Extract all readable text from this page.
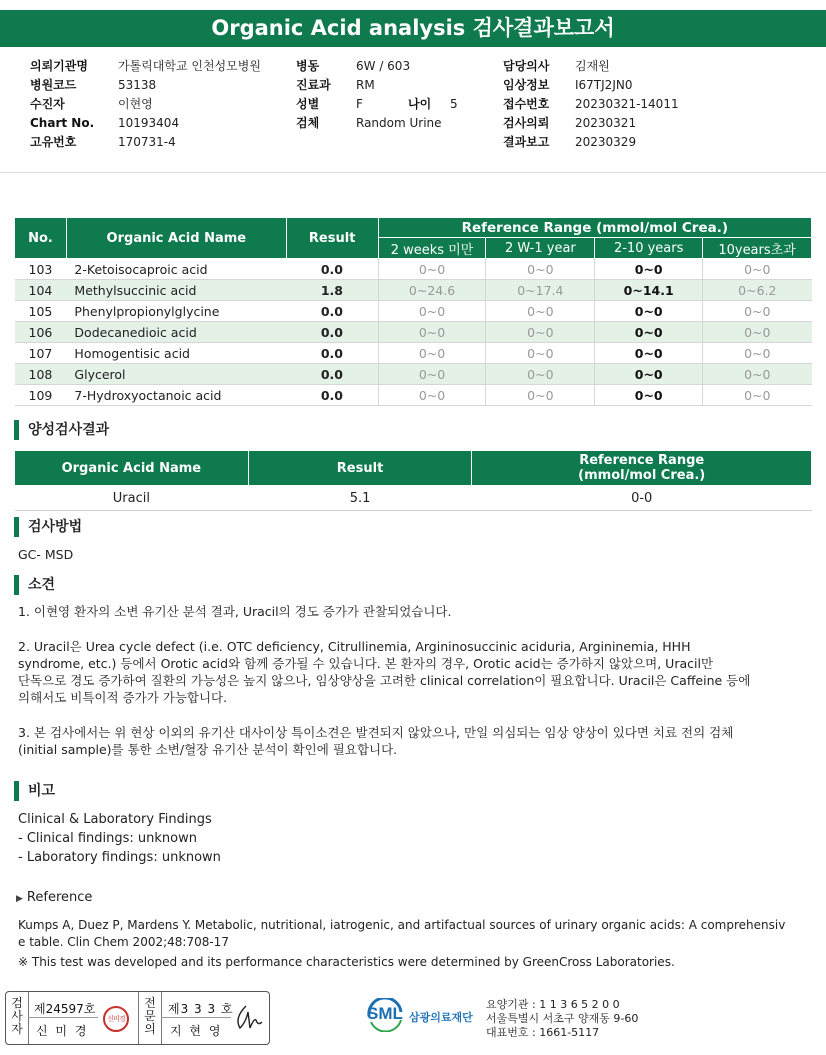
Organic Acid analysis 검사결과보고서
의뢰기관명	가톨릭대학교 인천성모병원
병원코드	53138
수진자	이현영
Chart No. 10193404
고유번호	170731-4
병동	6W / 603
진료과 RM
성별	F	나이 5
검체	Random Urine
담당의사 김재원
임상정보 I67TJ2JN0
접수번호 20230321-14011
검사의뢰 20230321
결과보고 20230329
No.	Organic Acid Name	Result	Reference Range (mmol/mol Crea.)			
			2 weeks 미만	2 W-1 year	2-10 years	10years초과
103	2-Ketoisocaproic acid	0.0	0~0	0~0	0~0	0~0
104	Methylsuccinic acid	1.8	0~24.6	0~17.4	0~14.1	0~6.2
105	Phenylpropionylglycine	0.0	0~0	0~0	0~0	0~0
106	Dodecanedioic acid	0.0	0~0	0~0	0~0	0~0
107	Homogentisic acid	0.0	0~0	0~0	0~0	0~0
108	Glycerol	0.0	0~0	0~0	0~0	0~0
109	7-Hydroxyoctanoic acid	0.0	0~0	0~0	0~0	0~0
양성검사결과
Organic Acid Name	Result	Reference Range
(mmol/mol Crea.)

Uracil	5.1	0-0
검사방법
GC- MSD
소견
1. 이현영 환자의 소변 유기산 분석 결과, Uracil의 경도 증가가 관찰되었습니다.
2. Uracil은 Urea cycle defect (i.e. OTC deficiency, Citrullinemia, Argininosuccinic aciduria, Argininemia, HHH
syndrome, etc.) 등에서 Orotic acid와 함께 증가될 수 있습니다. 본 환자의 경우, Orotic acid는 증가하지 않았으며, Uracil만
단독으로 경도 증가하여 질환의 가능성은 높지 않으나, 임상양상을 고려한 clinical correlation이 필요합니다. Uracil은 Caffeine 등에
의해서도 비특이적 증가가 가능합니다.
3. 본 검사에서는 위 현상 이외의 유기산 대사이상 특이소견은 발견되지 않았으나, 만일 의심되는 임상 양상이 있다면 치료 전의 검체
(initial sample)를 통한 소변/혈장 유기산 분석이 확인에 필요합니다.
비고
Clinical & Laboratory Findings
- Clinical findings: unknown
- Laboratory findings: unknown
▶ Reference
Kumps A, Duez P, Mardens Y. Metabolic, nutritional, iatrogenic, and artifactual sources of urinary organic acids: A comprehensiv
e table. Clin Chem 2002;48:708-17
※ This test was developed and its performance characteristics were determined by GreenCross Laboratories.
검
사
자
제24597호
신 미 경
신미경
전
문
의
제3 3 3 호
지 현 영
SML 삼광의료재단
요양기관 : 1 1 3 6 5 2 0 0
서울특별시 서초구 양재동 9-60
대표번호 : 1661-5117
